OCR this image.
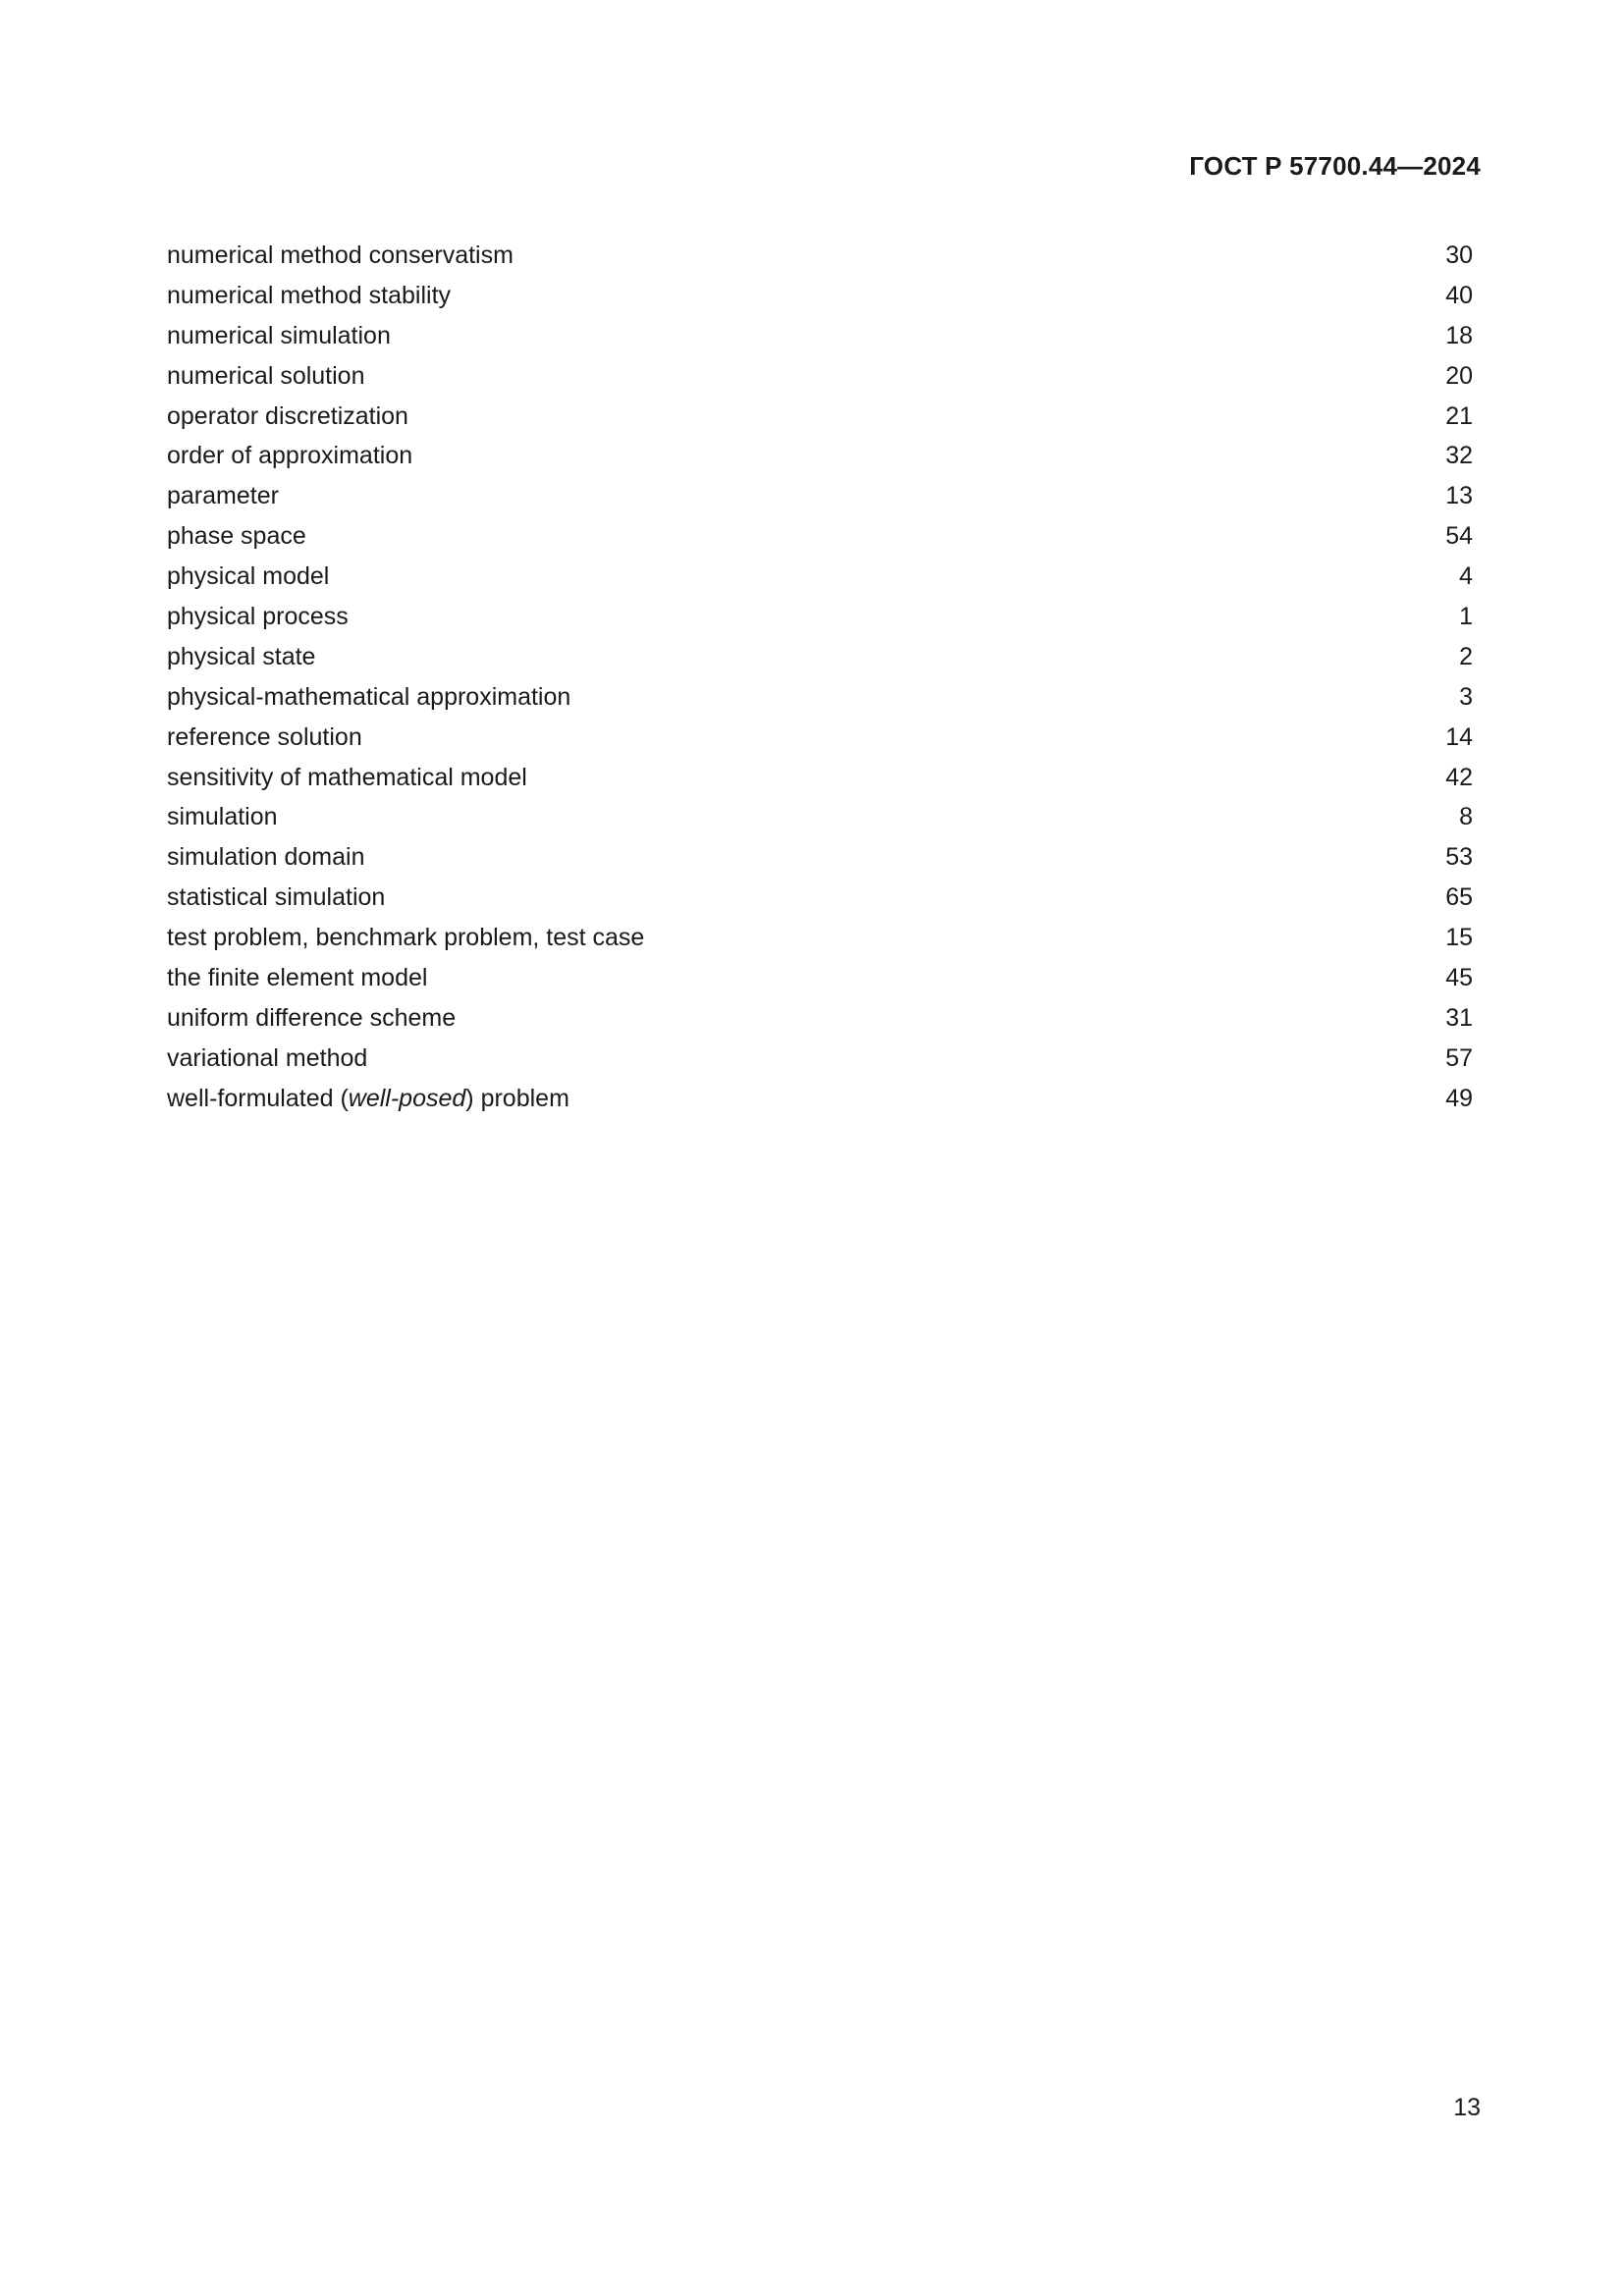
ГОСТ Р 57700.44—2024
numerical method conservatism	30
numerical method stability	40
numerical simulation	18
numerical solution	20
operator discretization	21
order of approximation	32
parameter	13
phase space	54
physical model	4
physical process	1
physical state	2
physical-mathematical approximation	3
reference solution	14
sensitivity of mathematical model	42
simulation	8
simulation domain	53
statistical simulation	65
test problem, benchmark problem, test case	15
the finite element model	45
uniform difference scheme	31
variational method	57
well-formulated (well-posed) problem	49
13
